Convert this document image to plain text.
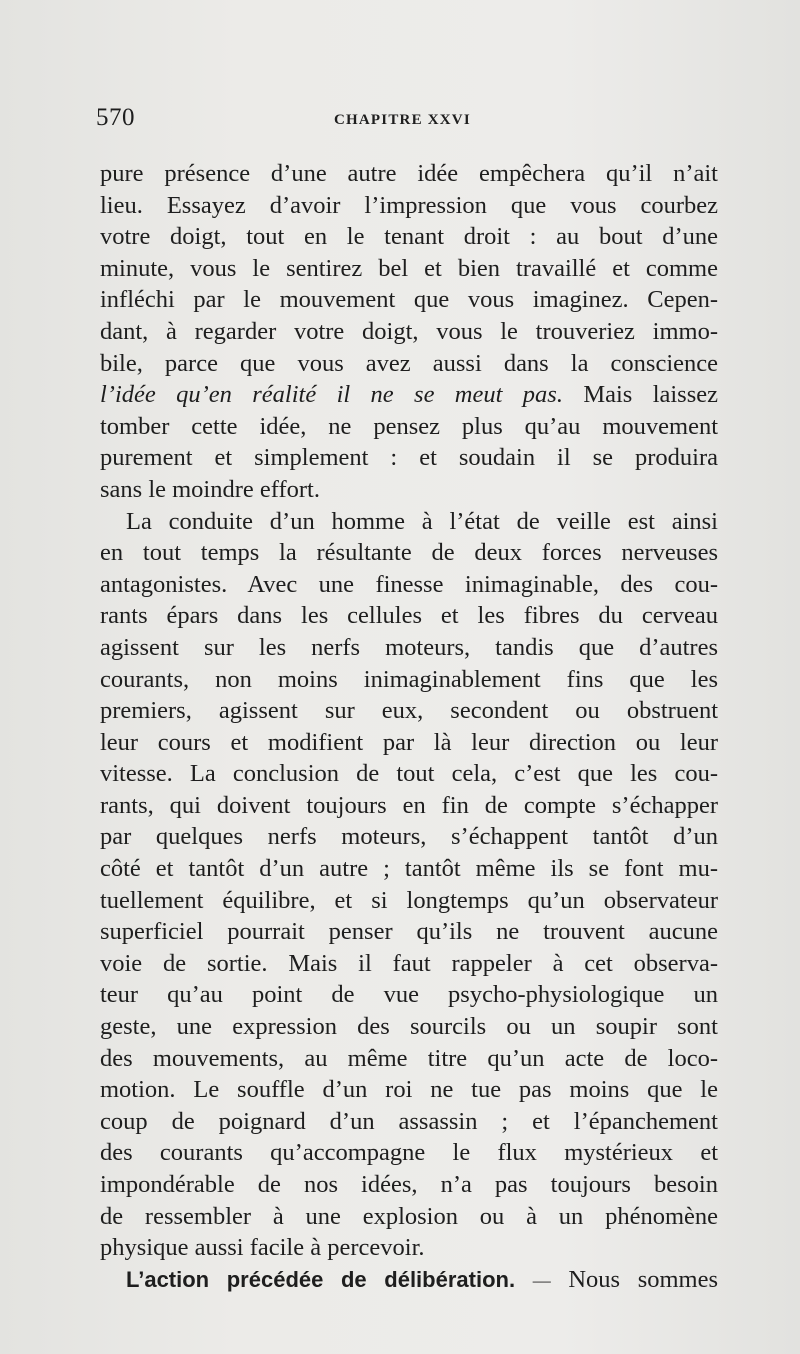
570	CHAPITRE XXVI
pure présence d’une autre idée empêchera qu’il n’ait
lieu. Essayez d’avoir l’impression que vous courbez
votre doigt, tout en le tenant droit : au bout d’une
minute, vous le sentirez bel et bien travaillé et comme
infléchi par le mouvement que vous imaginez. Cepen-
dant, à regarder votre doigt, vous le trouveriez immo-
bile, parce que vous avez aussi dans la conscience
l’idée qu’en réalité il ne se meut pas. Mais laissez
tomber cette idée, ne pensez plus qu’au mouvement
purement et simplement : et soudain il se produira
sans le moindre effort.
La conduite d’un homme à l’état de veille est ainsi
en tout temps la résultante de deux forces nerveuses
antagonistes. Avec une finesse inimaginable, des cou-
rants épars dans les cellules et les fibres du cerveau
agissent sur les nerfs moteurs, tandis que d’autres
courants, non moins inimaginablement fins que les
premiers, agissent sur eux, secondent ou obstruent
leur cours et modifient par là leur direction ou leur
vitesse. La conclusion de tout cela, c’est que les cou-
rants, qui doivent toujours en fin de compte s’échapper
par quelques nerfs moteurs, s’échappent tantôt d’un
côté et tantôt d’un autre ; tantôt même ils se font mu-
tuellement équilibre, et si longtemps qu’un observateur
superficiel pourrait penser qu’ils ne trouvent aucune
voie de sortie. Mais il faut rappeler à cet observa-
teur qu’au point de vue psycho-physiologique un
geste, une expression des sourcils ou un soupir sont
des mouvements, au même titre qu’un acte de loco-
motion. Le souffle d’un roi ne tue pas moins que le
coup de poignard d’un assassin ; et l’épanchement
des courants qu’accompagne le flux mystérieux et
impondérable de nos idées, n’a pas toujours besoin
de ressembler à une explosion ou à un phénomène
physique aussi facile à percevoir.
L’action précédée de délibération. — Nous sommes
